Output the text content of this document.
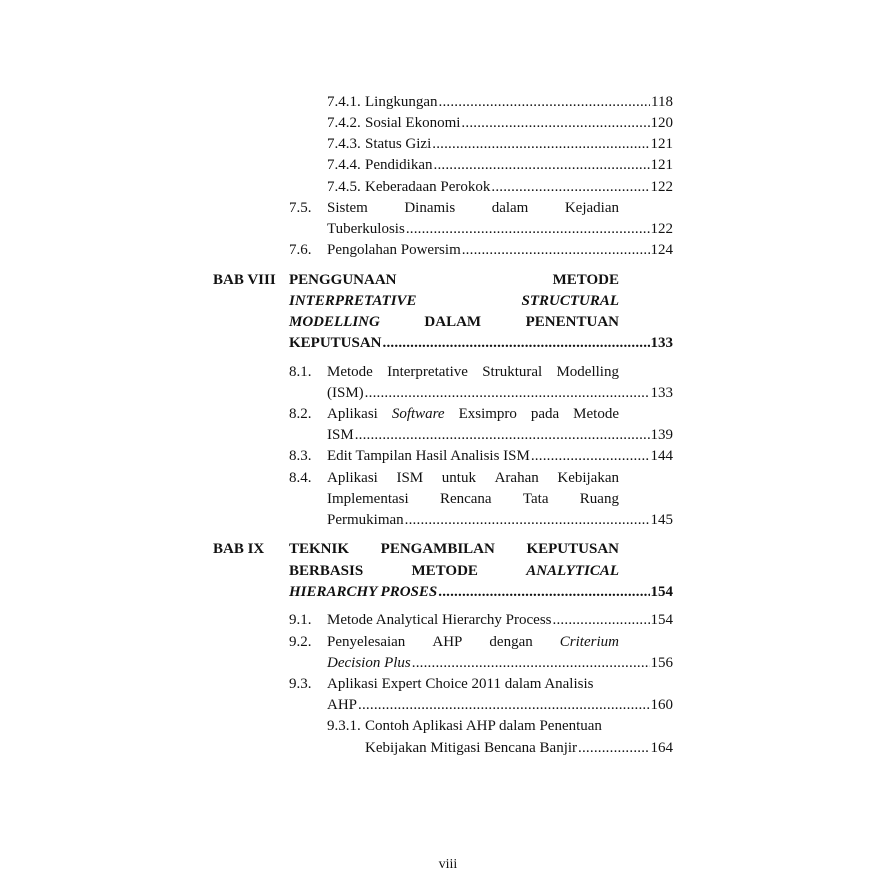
7.4.1. Lingkungan .....	118
7.4.2. Sosial Ekonomi .....	120
7.4.3. Status Gizi .....	121
7.4.4. Pendidikan .....	121
7.4.5. Keberadaan Perokok .....	122
7.5. Sistem Dinamis dalam Kejadian
Tuberkulosis .....	122
7.6. Pengolahan Powersim .....	124
BAB VIII PENGGUNAAN	METODE
INTERPRETATIVE	STRUCTURAL
MODELLING	DALAM	PENENTUAN
KEPUTUSAN .....	133
8.1. Metode Interpretative Struktural Modelling
(ISM) .....	133
8.2. Aplikasi Software Exsimpro pada Metode
ISM .....	139
8.3. Edit Tampilan Hasil Analisis ISM .....	144
8.4. Aplikasi ISM untuk Arahan Kebijakan
Implementasi Rencana Tata Ruang
Permukiman .....	145
BAB IX TEKNIK PENGAMBILAN KEPUTUSAN
BERBASIS	METODE	ANALYTICAL
HIERARCHY PROSES .....	154
9.1. Metode Analytical Hierarchy Process .....	154
9.2. Penyelesaian AHP dengan Criterium
Decision Plus .....	156
9.3. Aplikasi Expert Choice 2011 dalam Analisis
AHP .....	160
9.3.1. Contoh Aplikasi AHP dalam Penentuan
Kebijakan Mitigasi Bencana Banjir .....	164
viii
